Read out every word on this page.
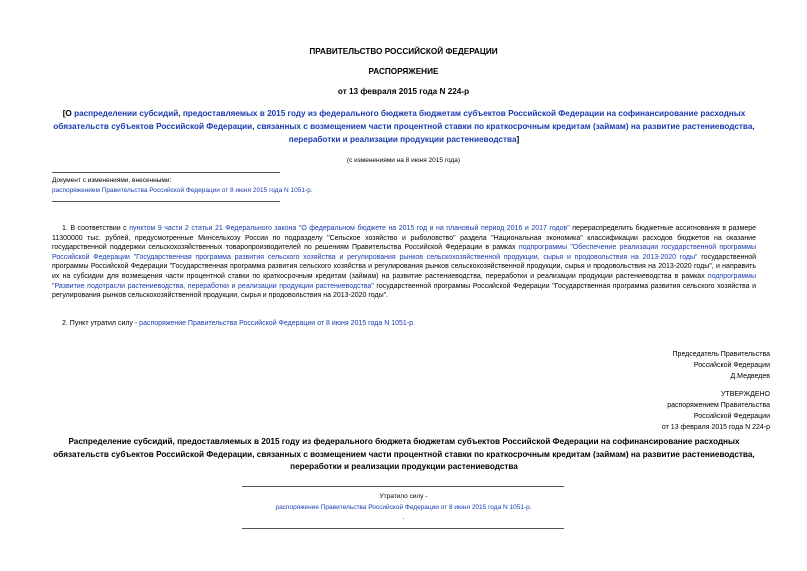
ПРАВИТЕЛЬСТВО РОССИЙСКОЙ ФЕДЕРАЦИИ
РАСПОРЯЖЕНИЕ
от 13 февраля 2015 года N 224-р
[О распределении субсидий, предоставляемых в 2015 году из федерального бюджета бюджетам субъектов Российской Федерации на софинансирование расходных обязательств субъектов Российской Федерации, связанных с возмещением части процентной ставки по краткосрочным кредитам (займам) на развитие растениеводства, переработки и реализации продукции растениеводства]
(с изменениями на 8 июня 2015 года)
Документ с изменениями, внесенными:
распоряжением Правительства Российской Федерации от 8 июня 2015 года N 1051-р.
1. В соответствии с пунктом 9 части 2 статьи 21 Федерального закона "О федеральном бюджете на 2015 год и на плановый период 2016 и 2017 годов" перераспределить бюджетные ассигнования в размере 11300000 тыс. рублей, предусмотренные Минсельхозу России по подразделу "Сельское хозяйство и рыболовство" раздела "Национальная экономика" классификации расходов бюджетов на оказание государственной поддержки сельскохозяйственных товаропроизводителей по решениям Правительства Российской Федерации в рамках подпрограммы "Обеспечение реализации государственной программы Российской Федерации "Государственная программа развития сельского хозяйства и регулирования рынков сельскохозяйственной продукции, сырья и продовольствия на 2013-2020 годы" государственной программы Российской Федерации "Государственная программа развития сельского хозяйства и регулирования рынков сельскохозяйственной продукции, сырья и продовольствия на 2013-2020 годы", и направить их на субсидии для возмещения части процентной ставки по краткосрочным кредитам (займам) на развитие растениеводства, переработки и реализации продукции растениеводства в рамках подпрограммы "Развитие подотрасли растениеводства, переработки и реализации продукции растениеводства" государственной программы Российской Федерации "Государственная программа развития сельского хозяйства и регулирования рынков сельскохозяйственной продукции, сырья и продовольствия на 2013-2020 годы".
2. Пункт утратил силу - распоряжение Правительства Российской Федерации от 8 июня 2015 года N 1051-р.
Председатель Правительства
Российской Федерации
Д.Медведев
УТВЕРЖДЕНО
распоряжением Правительства
Российской Федерации
от 13 февраля 2015 года N 224-р
Распределение субсидий, предоставляемых в 2015 году из федерального бюджета бюджетам субъектов Российской Федерации на софинансирование расходных обязательств субъектов Российской Федерации, связанных с возмещением части процентной ставки по краткосрочным кредитам (займам) на развитие растениеводства, переработки и реализации продукции растениеводства
Утратило силу -
распоряжение Правительства Российской Федерации от 8 июня 2015 года N 1051-р.
.
